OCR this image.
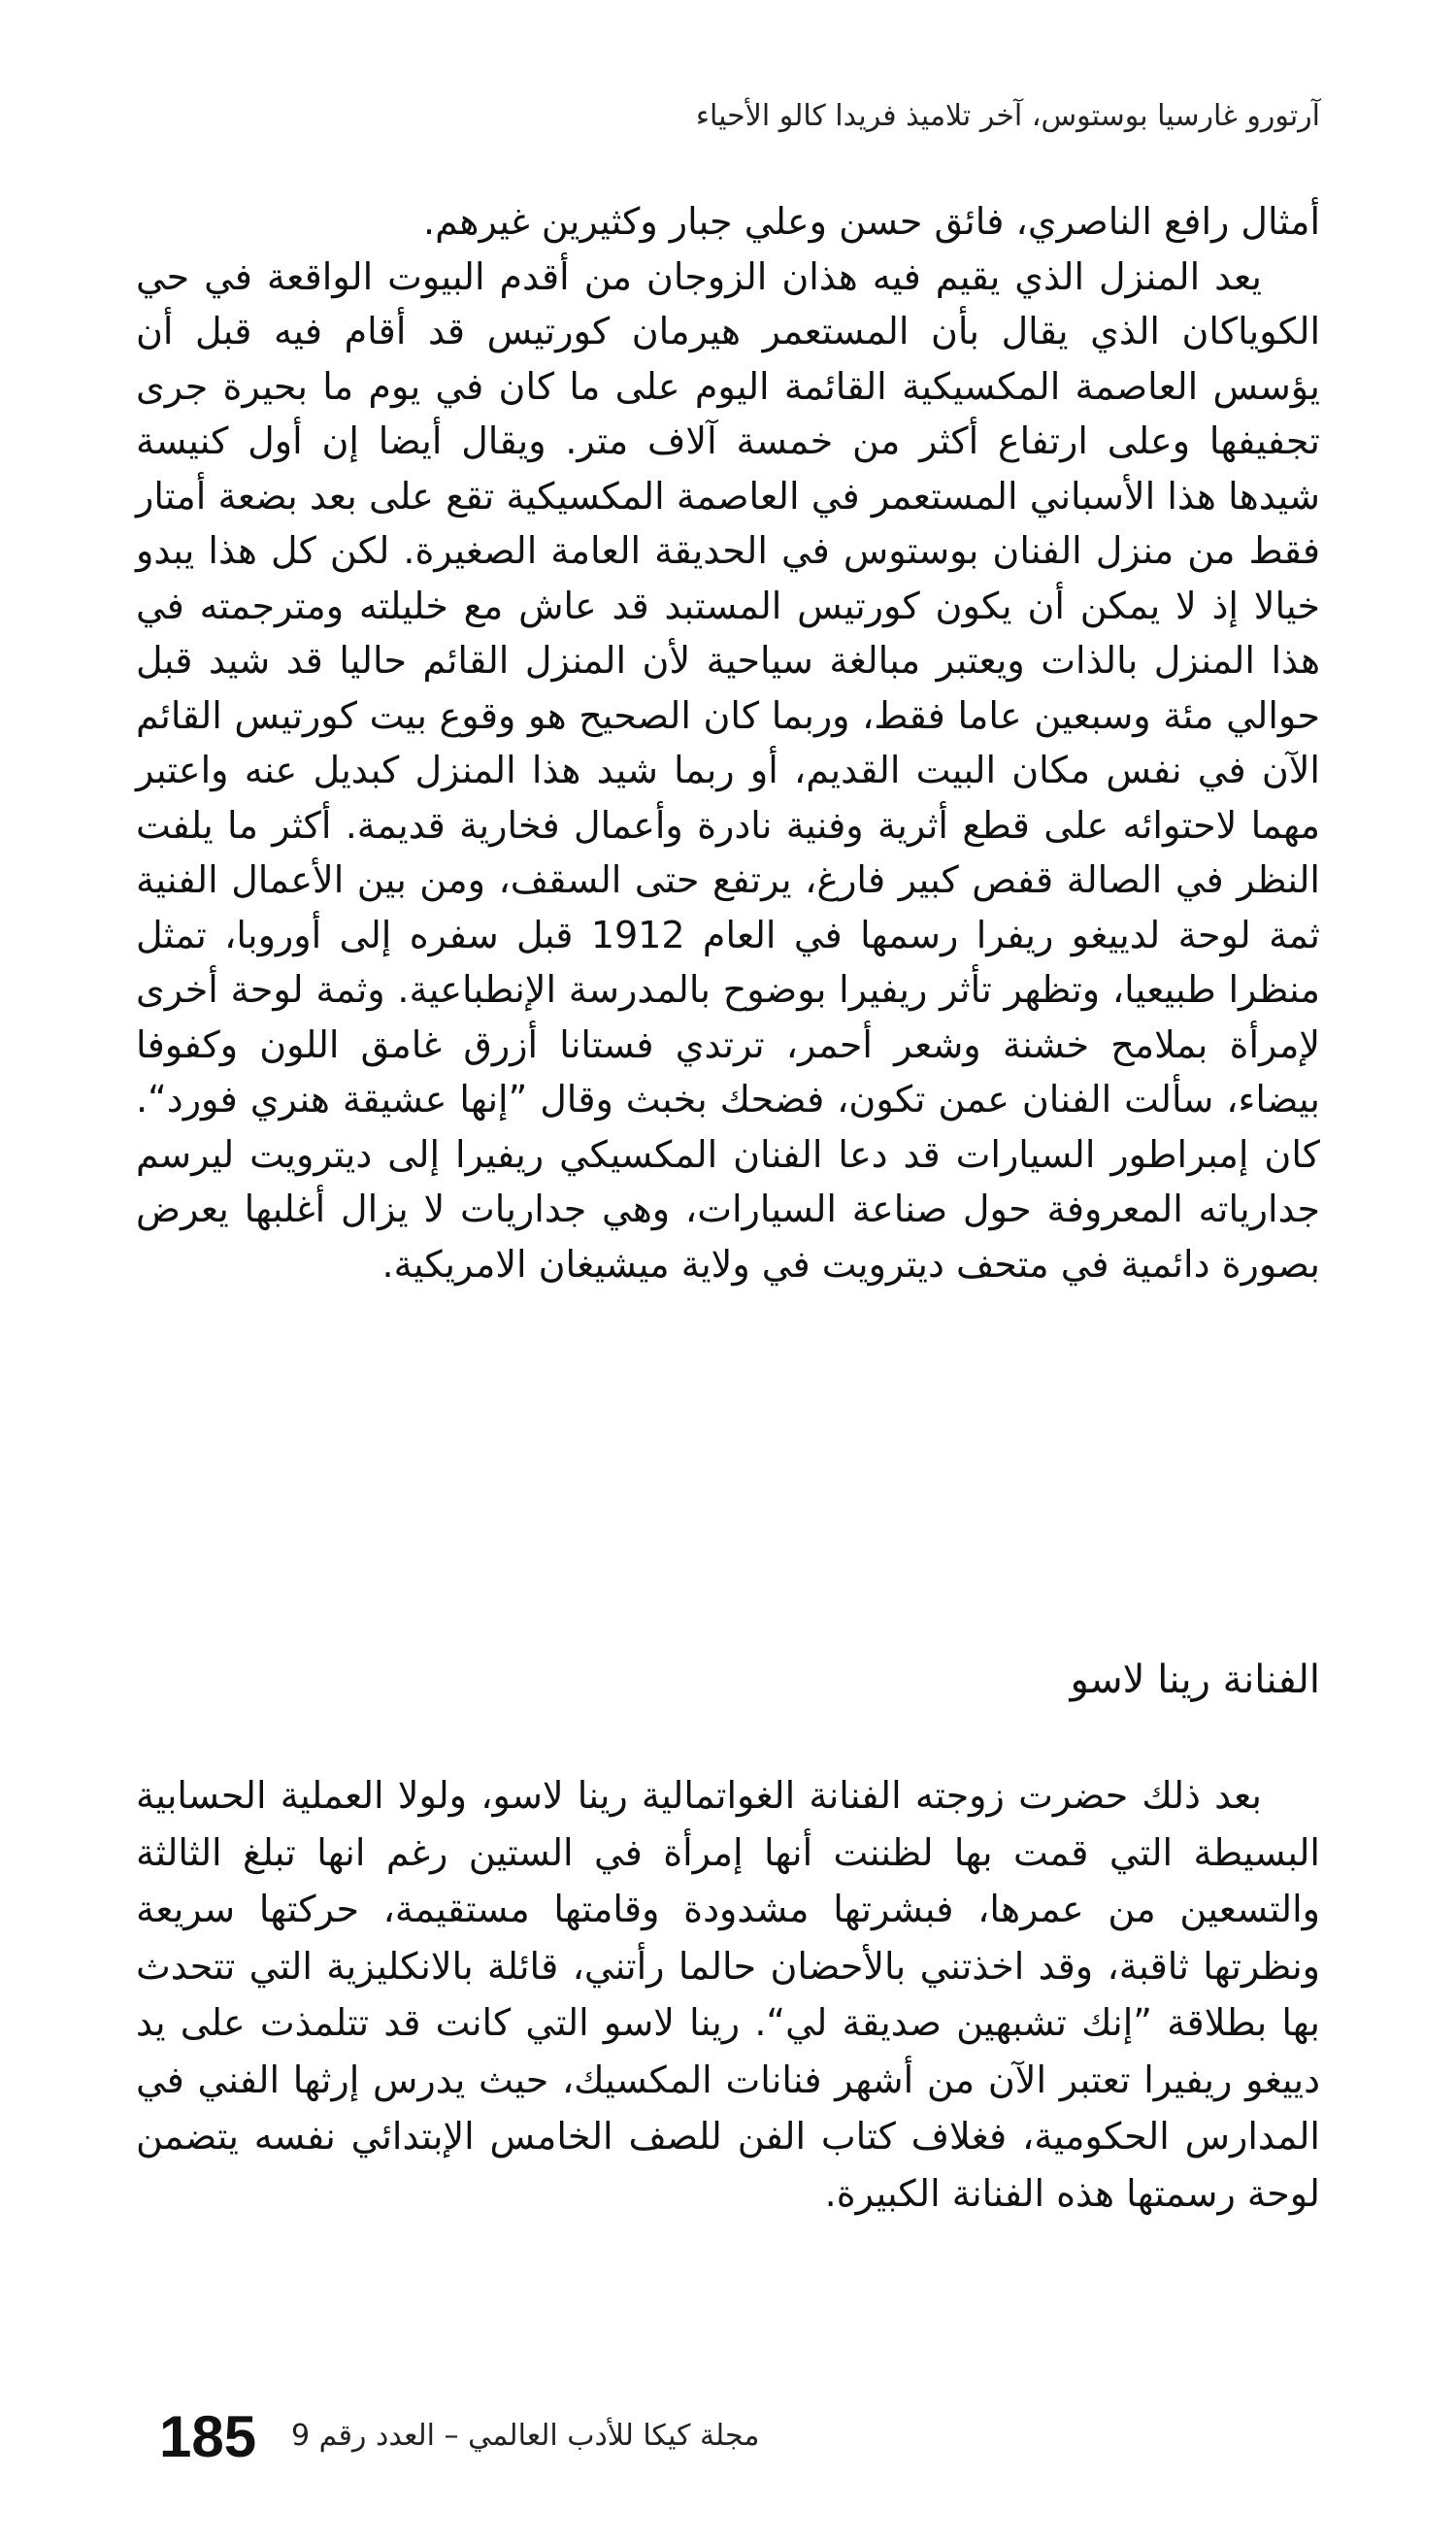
آرتورو غارسيا بوستوس، آخر تلاميذ فريدا كالو الأحياء

أمثال رافع الناصري، فائق حسن وعلي جبار وكثيرين غيرهم.

يعد المنزل الذي يقيم فيه هذان الزوجان من أقدم البيوت الواقعة في حي الكوياكان الذي يقال بأن المستعمر هيرمان كورتيس قد أقام فيه قبل أن يؤسس العاصمة المكسيكية القائمة اليوم على ما كان في يوم ما بحيرة جرى تجفيفها وعلى ارتفاع أكثر من خمسة آلاف متر. ويقال أيضا إن أول كنيسة شيدها هذا الأسباني المستعمر في العاصمة المكسيكية تقع على بعد بضعة أمتار فقط من منزل الفنان بوستوس في الحديقة العامة الصغيرة. لكن كل هذا يبدو خيالا إذ لا يمكن أن يكون كورتيس المستبد قد عاش مع خليلته ومترجمته في هذا المنزل بالذات ويعتبر مبالغة سياحية لأن المنزل القائم حاليا قد شيد قبل حوالي مئة وسبعين عاما فقط، وربما كان الصحيح هو وقوع بيت كورتيس القائم الآن في نفس مكان البيت القديم، أو ربما شيد هذا المنزل كبديل عنه واعتبر مهما لاحتوائه على قطع أثرية وفنية نادرة وأعمال فخارية قديمة. أكثر ما يلفت النظر في الصالة قفص كبير فارغ، يرتفع حتى السقف، ومن بين الأعمال الفنية ثمة لوحة لدييغو ريفرا رسمها في العام 1912 قبل سفره إلى أوروبا، تمثل منظرا طبيعيا، وتظهر تأثر ريفيرا بوضوح بالمدرسة الإنطباعية. وثمة لوحة أخرى لإمرأة بملامح خشنة وشعر أحمر، ترتدي فستانا أزرق غامق اللون وكفوفا بيضاء، سألت الفنان عمن تكون، فضحك بخبث وقال ”إنها عشيقة هنري فورد“. كان إمبراطور السيارات قد دعا الفنان المكسيكي ريفيرا إلى ديترويت ليرسم جدارياته المعروفة حول صناعة السيارات، وهي جداريات لا يزال أغلبها يعرض بصورة دائمية في متحف ديترويت في ولاية ميشيغان الامريكية.

الفنانة رينا لاسو

بعد ذلك حضرت زوجته الفنانة الغواتمالية رينا لاسو، ولولا العملية الحسابية البسيطة التي قمت بها لظننت أنها إمرأة في الستين رغم انها تبلغ الثالثة والتسعين من عمرها، فبشرتها مشدودة وقامتها مستقيمة، حركتها سريعة ونظرتها ثاقبة، وقد اخذتني بالأحضان حالما رأتني، قائلة بالانكليزية التي تتحدث بها بطلاقة ”إنك تشبهين صديقة لي“. رينا لاسو التي كانت قد تتلمذت على يد دييغو ريفيرا تعتبر الآن من أشهر فنانات المكسيك، حيث يدرس إرثها الفني في المدارس الحكومية، فغلاف كتاب الفن للصف الخامس الإبتدائي نفسه يتضمن لوحة رسمتها هذه الفنانة الكبيرة.

185 مجلة كيكا للأدب العالمي – العدد رقم 9
